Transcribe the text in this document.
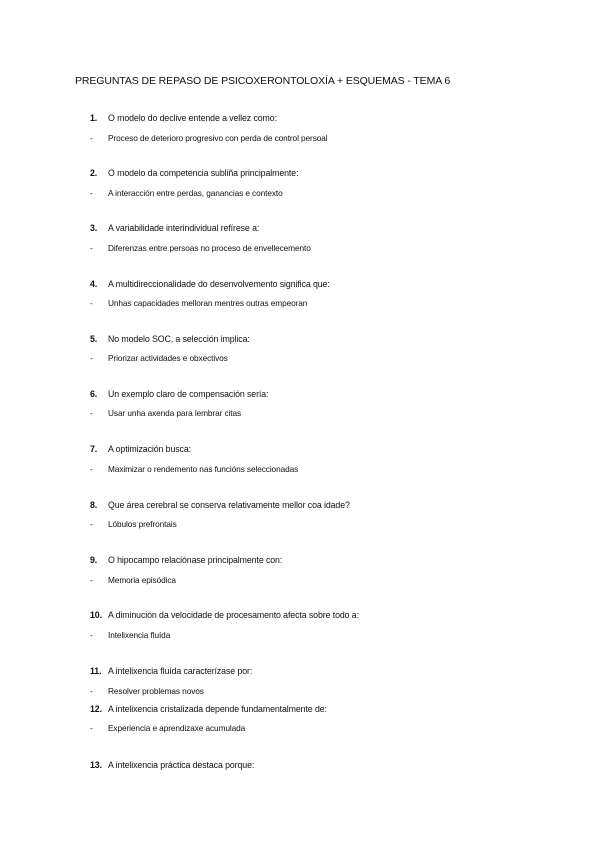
PREGUNTAS DE REPASO DE PSICOXERONTOLOXÍA + ESQUEMAS - TEMA 6
1. O modelo do declive entende a vellez como:
- Proceso de deterioro progresivo con perda de control persoal
2. O modelo da competencia subliña principalmente:
- A interacción entre perdas, ganancias e contexto
3. A variabilidade interindividual refírese a:
- Diferenzas entre persoas no proceso de envellecemento
4. A multidireccionalidade do desenvolvemento significa que:
- Unhas capacidades melloran mentres outras empeoran
5. No modelo SOC, a selección implica:
- Priorizar actividades e obxectivos
6. Un exemplo claro de compensación sería:
- Usar unha axenda para lembrar citas
7. A optimización busca:
- Maximizar o rendemento nas funcións seleccionadas
8. Que área cerebral se conserva relativamente mellor coa idade?
- Lóbulos prefrontais
9. O hipocampo relaciónase principalmente con:
- Memoria episódica
10. A diminución da velocidade de procesamento afecta sobre todo a:
- Intelixencia fluída
11. A intelixencia fluída caracterízase por:
- Resolver problemas novos
12. A intelixencia cristalizada depende fundamentalmente de:
- Experiencia e aprendizaxe acumulada
13. A intelixencia práctica destaca porque:
